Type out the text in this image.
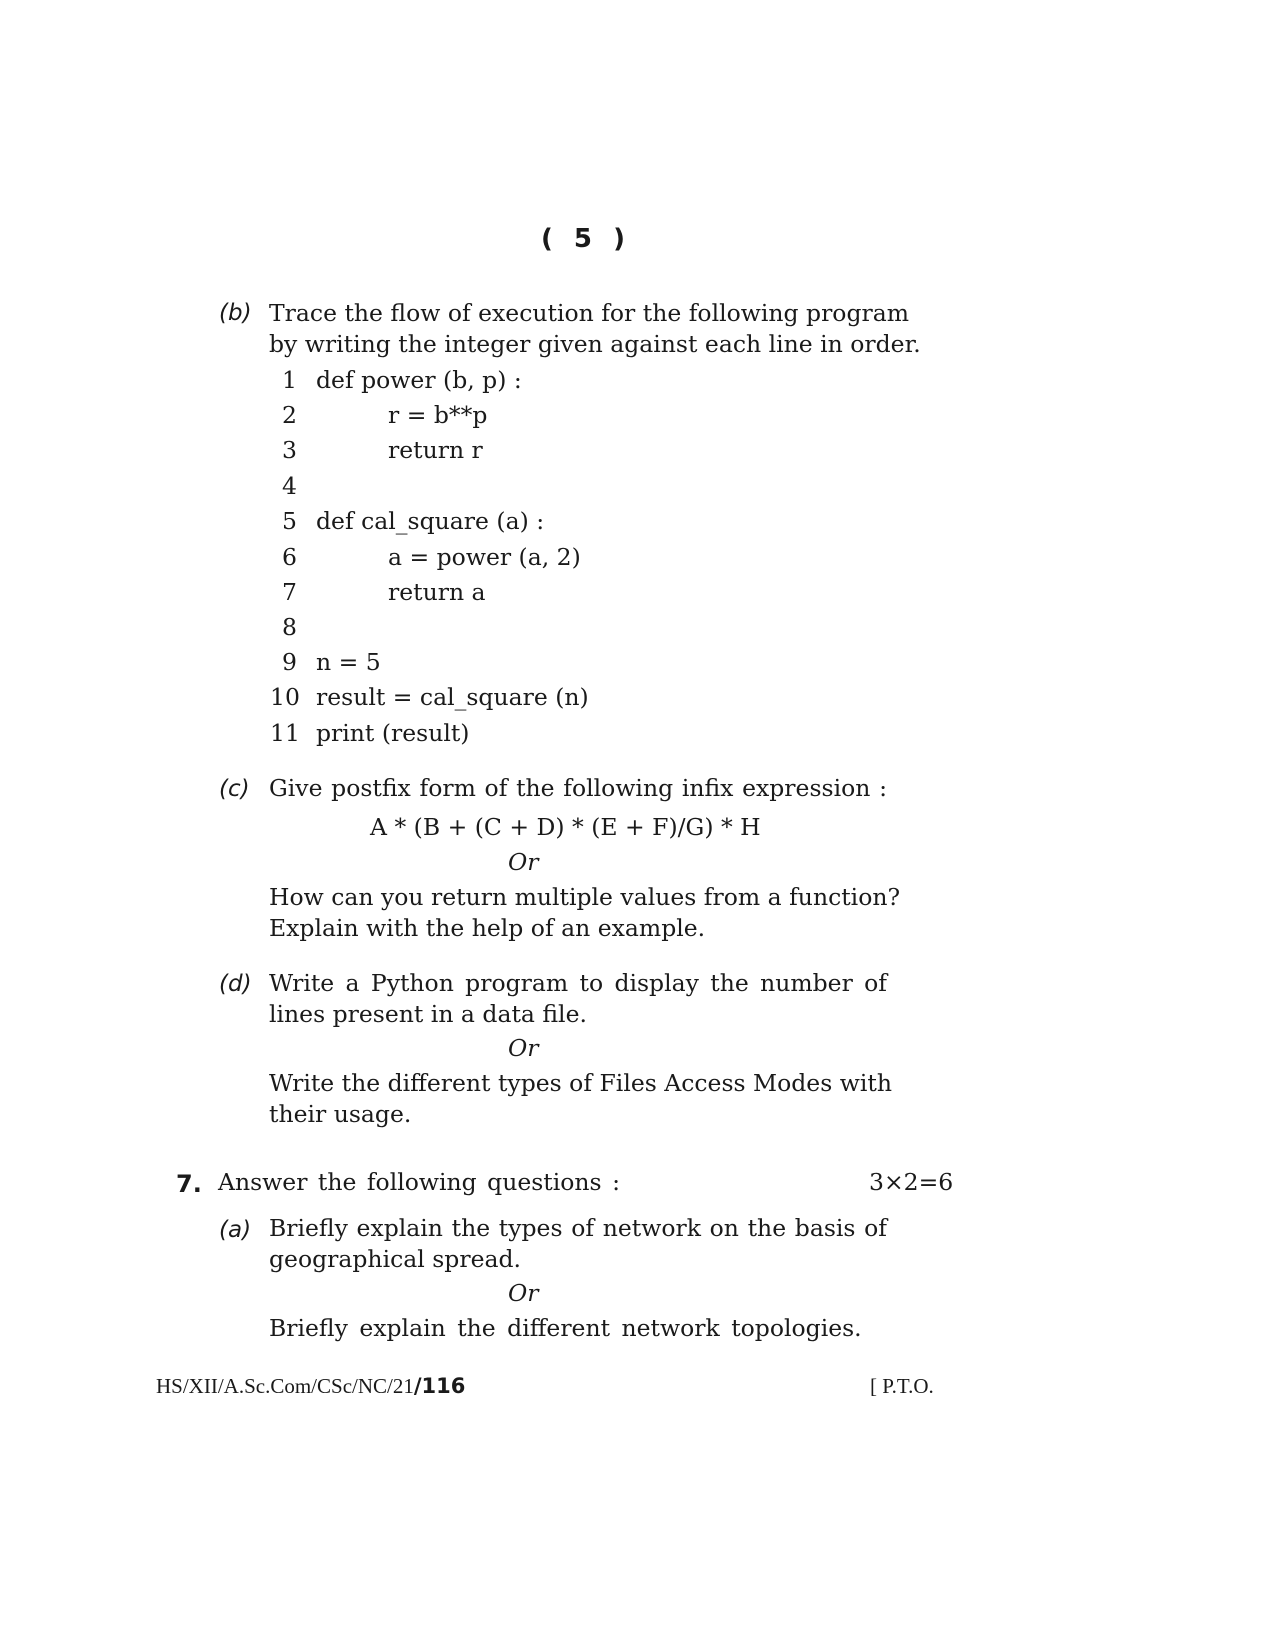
( 5 )
(b) Trace the flow of execution for the following program
by writing the integer given against each line in order.
1 def power (b, p) :
2	r = b**p
3	return r
4
5 def cal_square (a) :
6	a = power (a, 2)
7	return a
8
9 n = 5
10 result = cal_square (n)
11 print (result)
(c) Give postfix form of the following infix expression :
A * (B + (C + D) * (E + F)/G) * H
Or
How can you return multiple values from a function?
Explain with the help of an example.
(d) Write a Python program to display the number of
lines present in a data file.
Or
Write the different types of Files Access Modes with
their usage.
7. Answer the following questions :	3×2=6
(a) Briefly explain the types of network on the basis of
geographical spread.
Or
Briefly explain the different network topologies.
HS/XII/A.Sc.Com/CSc/NC/21/116	[ P.T.O.
